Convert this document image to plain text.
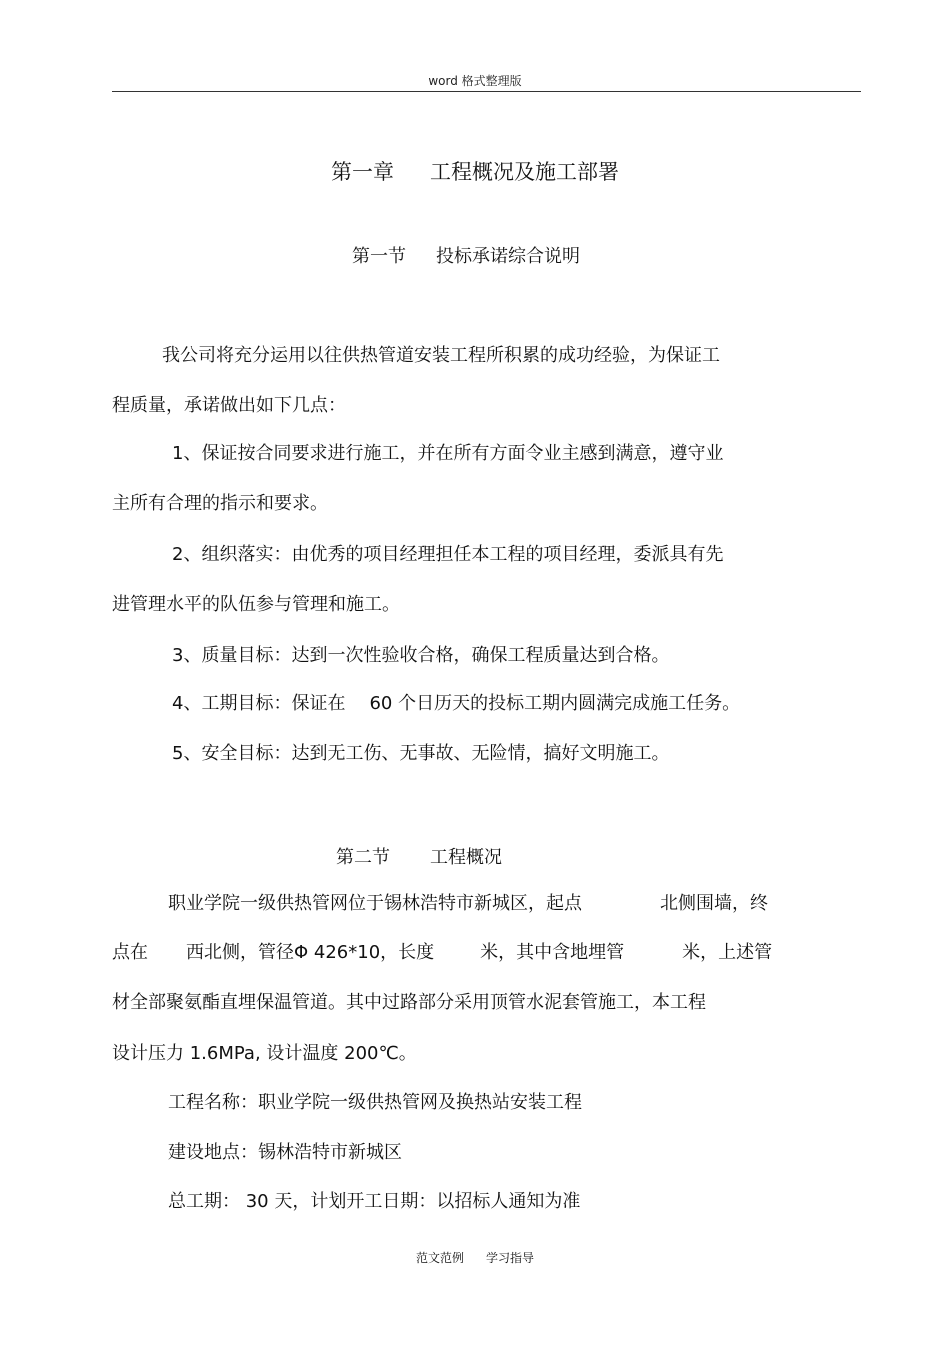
word 格式整理版
第一章 工程概况及施工部署
第一节 投标承诺综合说明
我公司将充分运用以往供热管道安装工程所积累的成功经验，为保证工
程质量，承诺做出如下几点：
1、保证按合同要求进行施工，并在所有方面令业主感到满意，遵守业
主所有合理的指示和要求。
2、组织落实：由优秀的项目经理担任本工程的项目经理，委派具有先
进管理水平的队伍参与管理和施工。
3、质量目标：达到一次性验收合格，确保工程质量达到合格。
4、工期目标：保证在 60 个日历天的投标工期内圆满完成施工任务。
5、安全目标：达到无工伤、无事故、无险情，搞好文明施工。
第二节 工程概况
职业学院一级供热管网位于锡林浩特市新城区，起点	北侧围墙，终
点在 西北侧，管径Φ 426*10，长度	米，其中含地埋管	米，上述管
材全部聚氨酯直埋保温管道。其中过路部分采用顶管水泥套管施工，本工程
设计压力 1.6MPa, 设计温度 200℃。
工程名称：职业学院一级供热管网及换热站安装工程
建设地点：锡林浩特市新城区
总工期： 30 天，计划开工日期：以招标人通知为准
范文范例 学习指导
